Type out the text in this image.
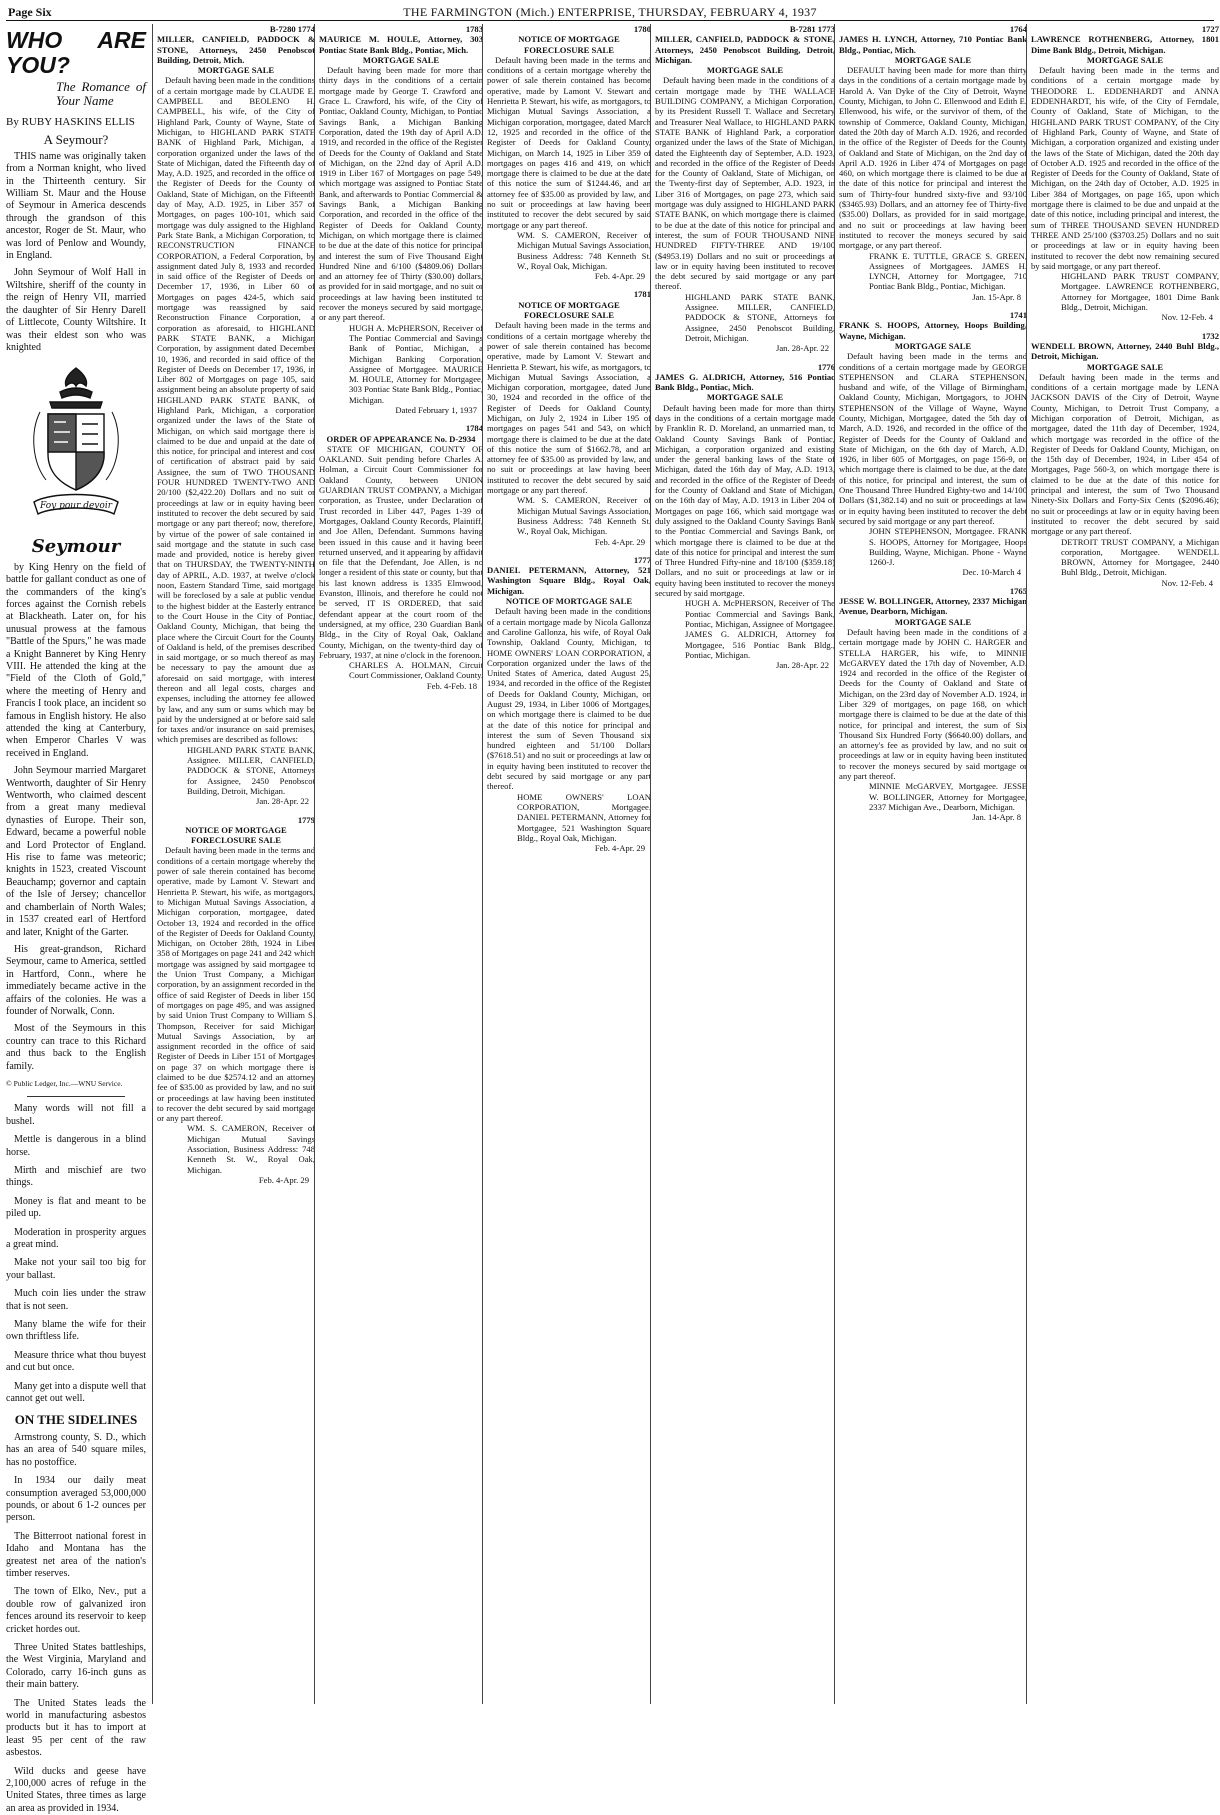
Page Six	THE FARMINGTON (Mich.) ENTERPRISE, THURSDAY, FEBRUARY 4, 1937
WHO ARE YOU?
The Romance of Your Name
By RUBY HASKINS ELLIS
A Seymour?

THIS name was originally taken from a Norman knight, who lived in the Thirteenth century. Sir William St. Maur and the House of Seymour in America descends through the grandson of this ancestor, Roger de St. Maur, who was lord of Penlow and Woundy, in England.

John Seymour of Wolf Hall in Wiltshire, sheriff of the county in the reign of Henry VII, married the daughter of Sir Henry Darell of Littlecote, County Wiltshire. It was their eldest son who was knighted

Foy pour devoir
Seymour

by King Henry on the field of battle for gallant conduct as one of the commanders of the king's forces against the Cornish rebels at Blackheath. Later on, for his unusual prowess at the famous "Battle of the Spurs," he was made a Knight Banneret by King Henry VIII. He attended the king at the "Field of the Cloth of Gold," where the meeting of Henry and Francis I took place, an incident so famous in English history. He also attended the king at Canterbury, when Emperor Charles V was received in England.

John Seymour married Margaret Wentworth, daughter of Sir Henry Wentworth, who claimed descent from a great many medieval dynasties of Europe. Their son, Edward, became a powerful noble and Lord Protector of England. His rise to fame was meteoric; knights in 1523, created Viscount Beauchamp; governor and captain of the Isle of Jersey; chancellor and chamberlain of North Wales; in 1537 created earl of Hertford and later, Knight of the Garter.

His great-grandson, Richard Seymour, came to America, settled in Hartford, Conn., where he immediately became active in the affairs of the colonies. He was a founder of Norwalk, Conn.

Most of the Seymours in this country can trace to this Richard and thus back to the English family.

© Public Ledger, Inc.—WNU Service.

Many words will not fill a bushel.

Mettle is dangerous in a blind horse.

Mirth and mischief are two things.

Money is flat and meant to be piled up.

Moderation in prosperity argues a great mind.

Make not your sail too big for your ballast.

Much coin lies under the straw that is not seen.

Many blame the wife for their own thriftless life.

Measure thrice what thou buyest and cut but once.

Many get into a dispute well that cannot get out well.

ON THE SIDELINES

Armstrong county, S. D., which has an area of 540 square miles, has no postoffice.

In 1934 our daily meat consumption averaged 53,000,000 pounds, or about 6 1-2 ounces per person.

The Bitterroot national forest in Idaho and Montana has the greatest net area of the nation's timber reserves.

The town of Elko, Nev., put a double row of galvanized iron fences around its reservoir to keep cricket hordes out.

Three United States battleships, the West Virginia, Maryland and Colorado, carry 16-inch guns as their main battery.

The United States leads the world in manufacturing asbestos products but it has to import at least 95 per cent of the raw asbestos.

Wild ducks and geese have 2,100,000 acres of refuge in the United States, three times as large an area as provided in 1934.

B-7280 1774
MILLER, CANFIELD, PADDOCK & STONE, Attorneys, 2450 Penobscot Building, Detroit, Mich.
MORTGAGE SALE
Default having been made in the conditions of a certain mortgage made by CLAUDE E. CAMPBELL and BEOLENO H. CAMPBELL, his wife, of the City of Highland Park, County of Wayne, State of Michigan, to HIGHLAND PARK STATE BANK of Highland Park, Michigan, a corporation organized under the laws of the State of Michigan, dated the Fifteenth day of May, A.D. 1925, and recorded in the office of the Register of Deeds for the County of Oakland, State of Michigan, on the Fifteenth day of May, A.D. 1925, in Liber 357 of Mortgages, on pages 100-101, which said mortgage was duly assigned to the Highland Park State Bank, a Michigan Corporation, to RECONSTRUCTION FINANCE CORPORATION, a Federal Corporation, by assignment dated July 8, 1933 and recorded in said office of the Register of Deeds on December 17, 1936, in Liber 60 of Mortgages on pages 424-5, which said mortgage was reassigned by said Reconstruction Finance Corporation, a corporation as aforesaid, to HIGHLAND PARK STATE BANK, a Michigan Corporation, by assignment dated December 10, 1936, and recorded in said office of the Register of Deeds on December 17, 1936, in Liber 802 of Mortgages on page 105, said assignment being an absolute property of said HIGHLAND PARK STATE BANK, of Highland Park, Michigan, a corporation organized under the laws of the State of Michigan, on which said mortgage there is claimed to be due and unpaid at the date of this notice, for principal and interest and cost of certification of abstract paid by said Assignee, the sum of TWO THOUSAND FOUR HUNDRED TWENTY-TWO AND 20/100 ($2,422.20) Dollars and no suit or proceedings at law or in equity having been instituted to recover the debt secured by said mortgage or any part thereof; now, therefore, by virtue of the power of sale contained in said mortgage and the statute in such case made and provided, notice is hereby given that on THURSDAY, the TWENTY-NINTH day of APRIL, A.D. 1937, at twelve o'clock noon, Eastern Standard Time, said mortgage will be foreclosed by a sale at public vendue to the highest bidder at the Easterly entrance to the Court House in the City of Pontiac, Oakland County, Michigan, that being the place where the Circuit Court for the County of Oakland is held, of the premises described in said mortgage, or so much thereof as may be necessary to pay the amount due as aforesaid on said mortgage, with interest thereon and all legal costs, charges and expenses, including the attorney fee allowed by law, and any sum or sums which may be paid by the undersigned at or before said sale for taxes and/or insurance on said premises, which premises are described as follows:
HIGHLAND PARK STATE BANK, Assignee. MILLER, CANFIELD, PADDOCK & STONE, Attorneys for Assignee, 2450 Penobscot Building, Detroit, Michigan.
Jan. 28-Apr. 22
1779
NOTICE OF MORTGAGE FORECLOSURE SALE
Default having been made in the terms and conditions of a certain mortgage whereby the power of sale therein contained has become operative, made by Lamont V. Stewart and Henrietta P. Stewart, his wife, as mortgagors, to Michigan Mutual Savings Association, a Michigan corporation, mortgagee, dated October 13, 1924 and recorded in the office of the Register of Deeds for Oakland County, Michigan, on October 28th, 1924 in Liber 358 of Mortgages on page 241 and 242 which mortgage was assigned by said mortgagee to the Union Trust Company, a Michigan corporation, by an assignment recorded in the office of said Register of Deeds in liber 150 of mortgages on page 495, and was assigned by said Union Trust Company to William S. Thompson, Receiver for said Michigan Mutual Savings Association, by an assignment recorded in the office of said Register of Deeds in Liber 151 of Mortgages on page 37 on which mortgage there is claimed to be due $2574.12 and an attorney fee of $35.00 as provided by law, and no suit or proceedings at law having been instituted to recover the debt secured by said mortgage or any part thereof.
WM. S. CAMERON, Receiver of Michigan Mutual Savings Association, Business Address: 748 Kenneth St. W., Royal Oak, Michigan.
Feb. 4-Apr. 29
1783
MAURICE M. HOULE, Attorney, 303 Pontiac State Bank Bldg., Pontiac, Mich.
MORTGAGE SALE
Default having been made for more than thirty days in the conditions of a certain mortgage made by George T. Crawford and Grace L. Crawford, his wife, of the City of Pontiac, Oakland County, Michigan, to Pontiac Savings Bank, a Michigan Banking Corporation, dated the 19th day of April A.D. 1919, and recorded in the office of the Register of Deeds for the County of Oakland and State of Michigan, on the 22nd day of April A.D. 1919 in Liber 167 of Mortgages on page 549, which mortgage was assigned to Pontiac State Bank, and afterwards to Pontiac Commercial & Savings Bank, a Michigan Banking Corporation, and recorded in the office of the Register of Deeds for Oakland County, Michigan, on which mortgage there is claimed to be due at the date of this notice for principal and interest the sum of Five Thousand Eight Hundred Nine and 6/100 ($4809.06) Dollars and an attorney fee of Thirty ($30.00) dollars, as provided for in said mortgage, and no suit or proceedings at law having been instituted to recover the moneys secured by said mortgage, or any part thereof.
HUGH A. McPHERSON, Receiver of The Pontiac Commercial and Savings Bank of Pontiac, Michigan, a Michigan Banking Corporation, Assignee of Mortgagee. MAURICE M. HOULE, Attorney for Mortgagee, 303 Pontiac State Bank Bldg., Pontiac, Michigan.
Dated February 1, 1937
1784
ORDER OF APPEARANCE No. D-2934
STATE OF MICHIGAN, COUNTY OF OAKLAND. Suit pending before Charles A. Holman, a Circuit Court Commissioner for Oakland County, between UNION GUARDIAN TRUST COMPANY, a Michigan corporation, as Trustee, under Declaration of Trust recorded in Liber 447, Pages 1-39 of Mortgages, Oakland County Records, Plaintiff, and Joe Allen, Defendant. Summons having been issued in this cause and it having been returned unserved, and it appearing by affidavit on file that the Defendant, Joe Allen, is no longer a resident of this state or county, but that his last known address is 1335 Elmwood, Evanston, Illinois, and therefore he could not be served, IT IS ORDERED, that said defendant appear at the court room of the undersigned, at my office, 230 Guardian Bank Bldg., in the City of Royal Oak, Oakland County, Michigan, on the twenty-third day of February, 1937, at nine o'clock in the forenoon.
CHARLES A. HOLMAN, Circuit Court Commissioner, Oakland County.
Feb. 4-Feb. 18
1780
NOTICE OF MORTGAGE FORECLOSURE SALE
Default having been made in the terms and conditions of a certain mortgage whereby the power of sale therein contained has become operative, made by Lamont V. Stewart and Henrietta P. Stewart, his wife, as mortgagors, to Michigan Mutual Savings Association, a Michigan corporation, mortgagee, dated March 12, 1925 and recorded in the office of the Register of Deeds for Oakland County, Michigan, on March 14, 1925 in Liber 359 of mortgages on pages 416 and 419, on which mortgage there is claimed to be due at the date of this notice the sum of $1244.46, and an attorney fee of $35.00 as provided by law, and no suit or proceedings at law having been instituted to recover the debt secured by said mortgage or any part thereof.
WM. S. CAMERON, Receiver of Michigan Mutual Savings Association, Business Address: 748 Kenneth St. W., Royal Oak, Michigan.
Feb. 4-Apr. 29
1781
NOTICE OF MORTGAGE FORECLOSURE SALE
Default having been made in the terms and conditions of a certain mortgage whereby the power of sale therein contained has become operative, made by Lamont V. Stewart and Henrietta P. Stewart, his wife, as mortgagors, to Michigan Mutual Savings Association, a Michigan corporation, mortgagee, dated June 30, 1924 and recorded in the office of the Register of Deeds for Oakland County, Michigan, on July 2, 1924 in Liber 195 of mortgages on pages 541 and 543, on which mortgage there is claimed to be due at the date of this notice the sum of $1662.78, and an attorney fee of $35.00 as provided by law, and no suit or proceedings at law having been instituted to recover the debt secured by said mortgage or any part thereof.
WM. S. CAMERON, Receiver of Michigan Mutual Savings Association, Business Address: 748 Kenneth St. W., Royal Oak, Michigan.
Feb. 4-Apr. 29
1777
DANIEL PETERMANN, Attorney, 521 Washington Square Bldg., Royal Oak, Michigan.
NOTICE OF MORTGAGE SALE
Default having been made in the conditions of a certain mortgage made by Nicola Gallonza and Caroline Gallonza, his wife, of Royal Oak Township, Oakland County, Michigan, to HOME OWNERS' LOAN CORPORATION, a Corporation organized under the laws of the United States of America, dated August 25, 1934, and recorded in the office of the Register of Deeds for Oakland County, Michigan, on August 29, 1934, in Liber 1006 of Mortgages, on which mortgage there is claimed to be due at the date of this notice for principal and interest the sum of Seven Thousand six hundred eighteen and 51/100 Dollars ($7618.51) and no suit or proceedings at law or in equity having been instituted to recover the debt secured by said mortgage or any part thereof.
HOME OWNERS' LOAN CORPORATION, Mortgagee. DANIEL PETERMANN, Attorney for Mortgagee, 521 Washington Square Bldg., Royal Oak, Michigan.
Feb. 4-Apr. 29
B-7281 1773
MILLER, CANFIELD, PADDOCK & STONE, Attorneys, 2450 Penobscot Building, Detroit, Michigan.
MORTGAGE SALE
Default having been made in the conditions of a certain mortgage made by THE WALLACE BUILDING COMPANY, a Michigan Corporation, by its President Russell T. Wallace and Secretary and Treasurer Neal Wallace, to HIGHLAND PARK STATE BANK of Highland Park, a corporation organized under the laws of the State of Michigan, dated the Eighteenth day of September, A.D. 1923, and recorded in the office of the Register of Deeds for the County of Oakland, State of Michigan, on the Twenty-first day of September, A.D. 1923, in Liber 316 of Mortgages, on page 273, which said mortgage was duly assigned to HIGHLAND PARK STATE BANK, on which mortgage there is claimed to be due at the date of this notice for principal and interest, the sum of FOUR THOUSAND NINE HUNDRED FIFTY-THREE AND 19/100 ($4953.19) Dollars and no suit or proceedings at law or in equity having been instituted to recover the debt secured by said mortgage or any part thereof.
HIGHLAND PARK STATE BANK, Assignee. MILLER, CANFIELD, PADDOCK & STONE, Attorneys for Assignee, 2450 Penobscot Building, Detroit, Michigan.
Jan. 28-Apr. 22
1776
JAMES G. ALDRICH, Attorney, 516 Pontiac Bank Bldg., Pontiac, Mich.
MORTGAGE SALE
Default having been made for more than thirty days in the conditions of a certain mortgage made by Franklin R. D. Moreland, an unmarried man, to Oakland County Savings Bank of Pontiac, Michigan, a corporation organized and existing under the general banking laws of the State of Michigan, dated the 16th day of May, A.D. 1913, and recorded in the office of the Register of Deeds for the County of Oakland and State of Michigan, on the 16th day of May, A.D. 1913 in Liber 204 of Mortgages on page 166, which said mortgage was duly assigned to the Oakland County Savings Bank to the Pontiac Commercial and Savings Bank, on which mortgage there is claimed to be due at the date of this notice for principal and interest the sum of Three Hundred Fifty-nine and 18/100 ($359.18) Dollars, and no suit or proceedings at law or in equity having been instituted to recover the moneys secured by said mortgage.
HUGH A. McPHERSON, Receiver of The Pontiac Commercial and Savings Bank, Pontiac, Michigan, Assignee of Mortgagee. JAMES G. ALDRICH, Attorney for Mortgagee, 516 Pontiac Bank Bldg., Pontiac, Michigan.
Jan. 28-Apr. 22
1764
JAMES H. LYNCH, Attorney, 710 Pontiac Bank Bldg., Pontiac, Mich.
MORTGAGE SALE
DEFAULT having been made for more than thirty days in the conditions of a certain mortgage made by Harold A. Van Dyke of the City of Detroit, Wayne County, Michigan, to John C. Ellenwood and Edith E. Ellenwood, his wife, or the survivor of them, of the township of Commerce, Oakland County, Michigan, dated the 20th day of March A.D. 1926, and recorded in the office of the Register of Deeds for the County of Oakland and State of Michigan, on the 2nd day of April A.D. 1926 in Liber 474 of Mortgages on page 460, on which mortgage there is claimed to be due at the date of this notice for principal and interest the sum of Thirty-four hundred sixty-five and 93/100 ($3465.93) Dollars, and an attorney fee of Thirty-five ($35.00) Dollars, as provided for in said mortgage, and no suit or proceedings at law having been instituted to recover the moneys secured by said mortgage, or any part thereof.
FRANK E. TUTTLE, GRACE S. GREEN, Assignees of Mortgagees. JAMES H. LYNCH, Attorney for Mortgagee, 710 Pontiac Bank Bldg., Pontiac, Michigan.
Jan. 15-Apr. 8
1741
FRANK S. HOOPS, Attorney, Hoops Building, Wayne, Michigan.
MORTGAGE SALE
Default having been made in the terms and conditions of a certain mortgage made by GEORGE STEPHENSON and CLARA STEPHENSON, husband and wife, of the Village of Birmingham, Oakland County, Michigan, Mortgagors, to JOHN STEPHENSON of the Village of Wayne, Wayne County, Michigan, Mortgagee, dated the 5th day of March, A.D. 1926, and recorded in the office of the Register of Deeds for the County of Oakland and State of Michigan, on the 6th day of March, A.D. 1926, in liber 605 of Mortgages, on page 156-9, on which mortgage there is claimed to be due, at the date of this notice, for principal and interest, the sum of One Thousand Three Hundred Eighty-two and 14/100 Dollars ($1,382.14) and no suit or proceedings at law or in equity having been instituted to recover the debt secured by said mortgage or any part thereof.
JOHN STEPHENSON, Mortgagee. FRANK S. HOOPS, Attorney for Mortgagee, Hoops Building, Wayne, Michigan. Phone - Wayne 1260-J.
Dec. 10-March 4
1765
JESSE W. BOLLINGER, Attorney, 2337 Michigan Avenue, Dearborn, Michigan.
MORTGAGE SALE
Default having been made in the conditions of a certain mortgage made by JOHN C. HARGER and STELLA HARGER, his wife, to MINNIE McGARVEY dated the 17th day of November, A.D. 1924 and recorded in the office of the Register of Deeds for the County of Oakland and State of Michigan, on the 23rd day of November A.D. 1924, in Liber 329 of mortgages, on page 168, on which mortgage there is claimed to be due at the date of this notice, for principal and interest, the sum of Six Thousand Six Hundred Forty ($6640.00) dollars, and an attorney's fee as provided by law, and no suit or proceedings at law or in equity having been instituted to recover the moneys secured by said mortgage or any part thereof.
MINNIE McGARVEY, Mortgagee. JESSE W. BOLLINGER, Attorney for Mortgagee, 2337 Michigan Ave., Dearborn, Michigan.
Jan. 14-Apr. 8
1727
LAWRENCE ROTHENBERG, Attorney, 1801 Dime Bank Bldg., Detroit, Michigan.
MORTGAGE SALE
Default having been made in the terms and conditions of a certain mortgage made by THEODORE L. EDDENHARDT and ANNA EDDENHARDT, his wife, of the City of Ferndale, County of Oakland, State of Michigan, to the HIGHLAND PARK TRUST COMPANY, of the City of Highland Park, County of Wayne, and State of Michigan, a corporation organized and existing under the laws of the State of Michigan, dated the 20th day of October A.D. 1925 and recorded in the office of the Register of Deeds for the County of Oakland, State of Michigan, on the 24th day of October, A.D. 1925 in Liber 384 of Mortgages, on page 165, upon which mortgage there is claimed to be due and unpaid at the date of this notice, including principal and interest, the sum of THREE THOUSAND SEVEN HUNDRED THREE AND 25/100 ($3703.25) Dollars and no suit or proceedings at law or in equity having been instituted to recover the debt now remaining secured by said mortgage, or any part thereof.
HIGHLAND PARK TRUST COMPANY, Mortgagee. LAWRENCE ROTHENBERG, Attorney for Mortgagee, 1801 Dime Bank Bldg., Detroit, Michigan.
Nov. 12-Feb. 4
1732
WENDELL BROWN, Attorney, 2440 Buhl Bldg., Detroit, Michigan.
MORTGAGE SALE
Default having been made in the terms and conditions of a certain mortgage made by LENA JACKSON DAVIS of the City of Detroit, Wayne County, Michigan, to Detroit Trust Company, a Michigan corporation of Detroit, Michigan, as mortgagee, dated the 11th day of December, 1924, which mortgage was recorded in the office of the Register of Deeds for Oakland County, Michigan, on the 15th day of December, 1924, in Liber 454 of Mortgages, Page 560-3, on which mortgage there is claimed to be due at the date of this notice for principal and interest, the sum of Two Thousand Ninety-Six Dollars and Forty-Six Cents ($2096.46); no suit or proceedings at law or in equity having been instituted to recover the debt secured by said mortgage or any part thereof.
DETROIT TRUST COMPANY, a Michigan corporation, Mortgagee. WENDELL BROWN, Attorney for Mortgagee, 2440 Buhl Bldg., Detroit, Michigan.
Nov. 12-Feb. 4
